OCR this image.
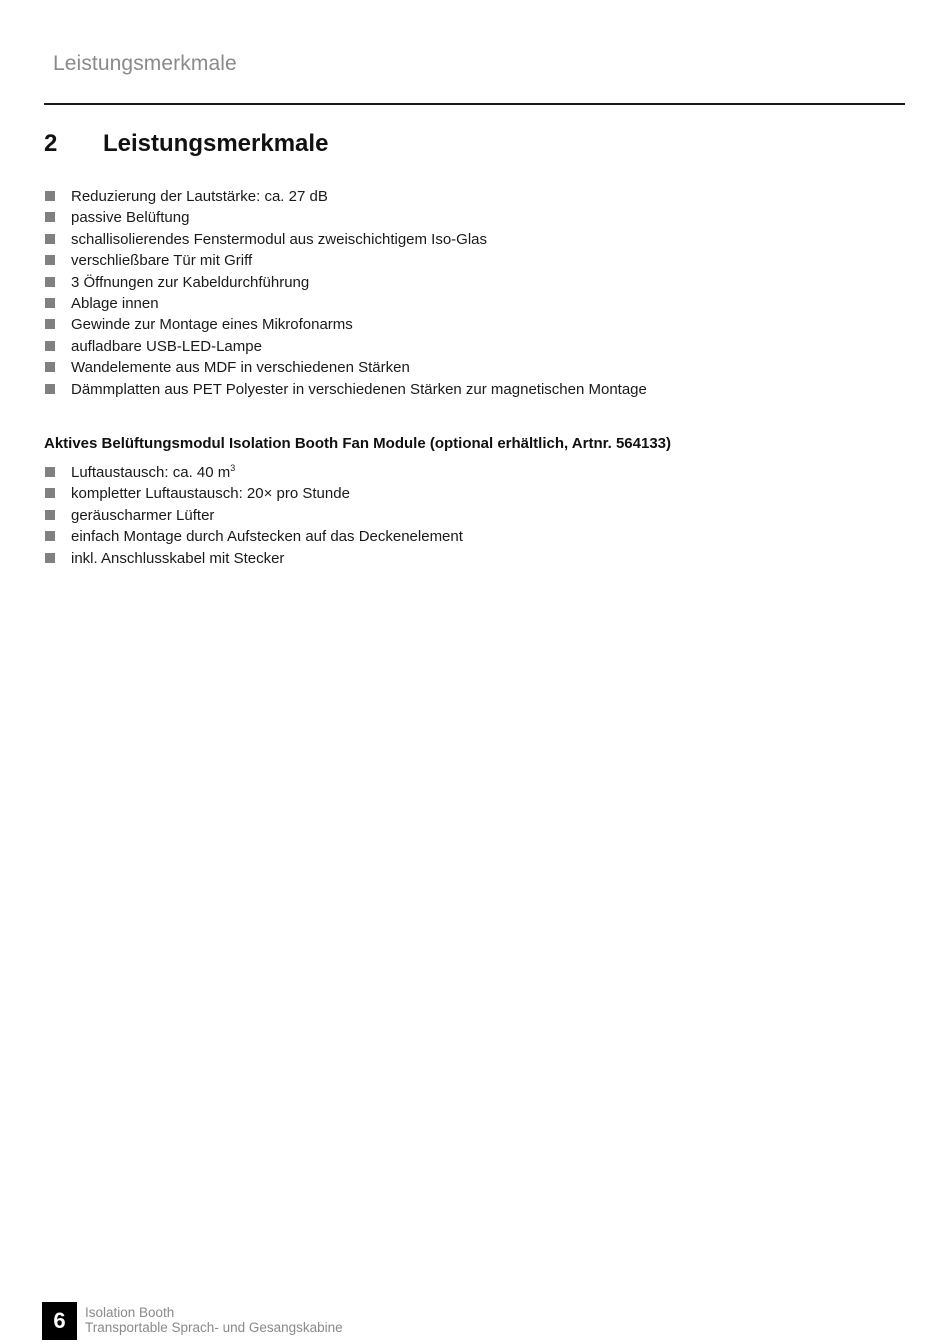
Leistungsmerkmale
2	Leistungsmerkmale
Reduzierung der Lautstärke: ca. 27 dB
passive Belüftung
schallisolierendes Fenstermodul aus zweischichtigem Iso-Glas
verschließbare Tür mit Griff
3 Öffnungen zur Kabeldurchführung
Ablage innen
Gewinde zur Montage eines Mikrofonarms
aufladbare USB-LED-Lampe
Wandelemente aus MDF in verschiedenen Stärken
Dämmplatten aus PET Polyester in verschiedenen Stärken zur magnetischen Montage
Aktives Belüftungsmodul Isolation Booth Fan Module (optional erhältlich, Artnr. 564133)
Luftaustausch: ca. 40 $m^3$
kompletter Luftaustausch: 20× pro Stunde
geräuscharmer Lüfter
einfach Montage durch Aufstecken auf das Deckenelement
inkl. Anschlusskabel mit Stecker
6	Isolation Booth
Transportable Sprach- und Gesangskabine
